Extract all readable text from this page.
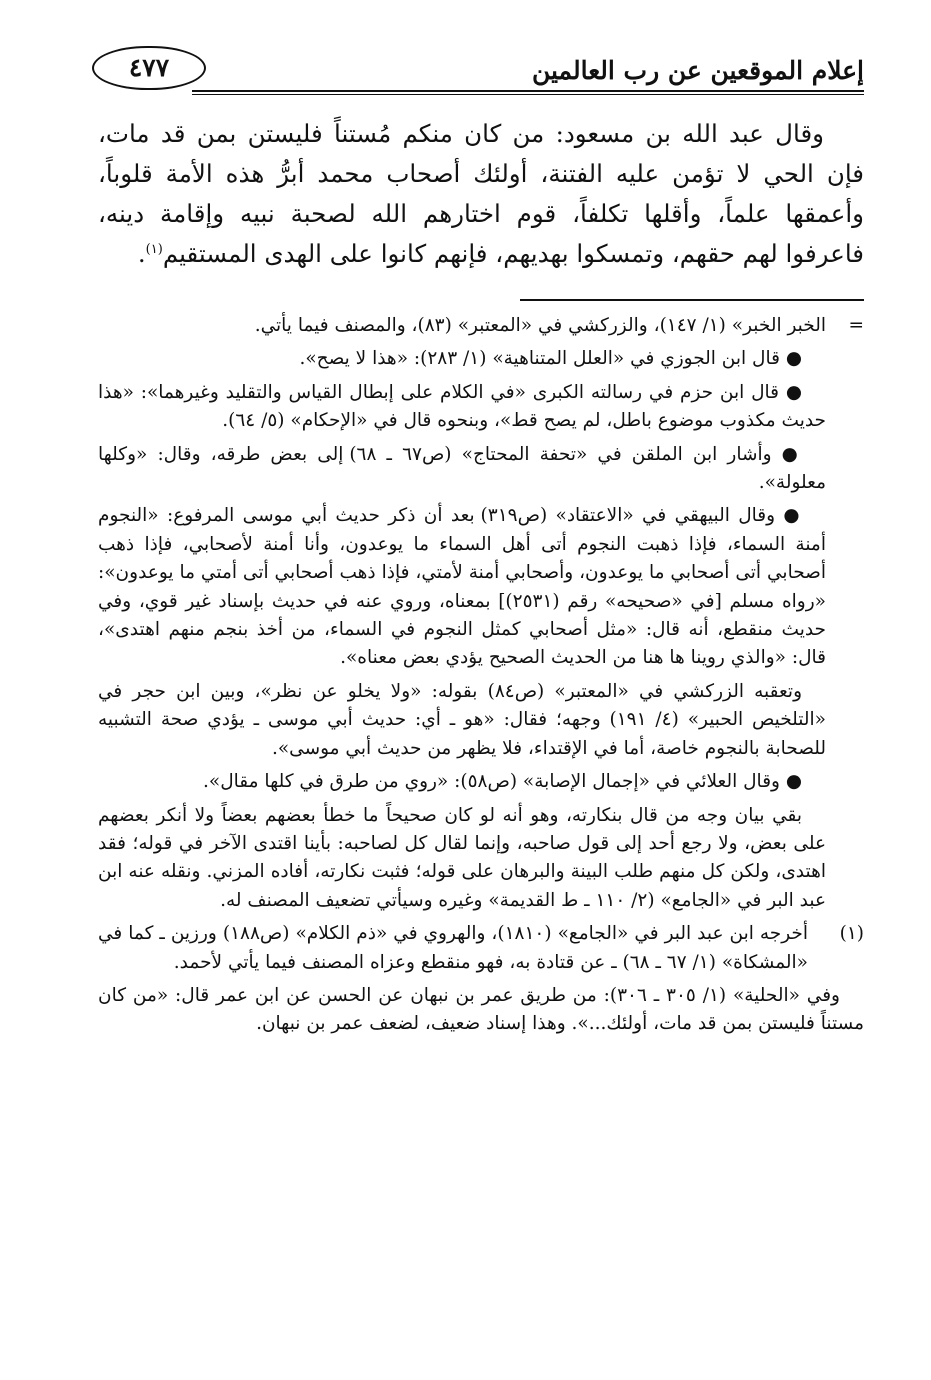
إعلام الموقعين عن رب العالمين
٤٧٧

وقال عبد الله بن مسعود: من كان منكم مُستناً فليستن بمن قد مات، فإن الحي لا تؤمن عليه الفتنة، أولئك أصحاب محمد أبرُّ هذه الأمة قلوباً، وأعمقها علماً، وأقلها تكلفاً، قوم اختارهم الله لصحبة نبيه وإقامة دينه، فاعرفوا لهم حقهم، وتمسكوا بهديهم، فإنهم كانوا على الهدى المستقيم$^{(١)}$.

=
الخبر الخبر» (١/ ١٤٧)، والزركشي في «المعتبر» (٨٣)، والمصنف فيما يأتي.

● قال ابن الجوزي في «العلل المتناهية» (١/ ٢٨٣): «هذا لا يصح».

● قال ابن حزم في رسالته الكبرى «في الكلام على إبطال القياس والتقليد وغيرهما»: «هذا حديث مكذوب موضوع باطل، لم يصح قط»، وبنحوه قال في «الإحكام» (٥/ ٦٤).

● وأشار ابن الملقن في «تحفة المحتاج» (ص٦٧ ـ ٦٨) إلى بعض طرقه، وقال: «وكلها معلولة».

● وقال البيهقي في «الاعتقاد» (ص٣١٩) بعد أن ذكر حديث أبي موسى المرفوع: «النجوم أمنة السماء، فإذا ذهبت النجوم أتى أهل السماء ما يوعدون، وأنا أمنة لأصحابي، فإذا ذهب أصحابي أتى أصحابي ما يوعدون، وأصحابي أمنة لأمتي، فإذا ذهب أصحابي أتى أمتي ما يوعدون»: «رواه مسلم [في «صحيحه» رقم (٢٥٣١)] بمعناه، وروي عنه في حديث بإسناد غير قوي، وفي حديث منقطع، أنه قال: «مثل أصحابي كمثل النجوم في السماء، من أخذ بنجم منهم اهتدى»، قال: «والذي روينا ها هنا من الحديث الصحيح يؤدي بعض معناه».

وتعقبه الزركشي في «المعتبر» (ص٨٤) بقوله: «ولا يخلو عن نظر»، وبين ابن حجر في «التلخيص الحبير» (٤/ ١٩١) وجهه؛ فقال: «هو ـ أي: حديث أبي موسى ـ يؤدي صحة التشبيه للصحابة بالنجوم خاصة، أما في الإقتداء، فلا يظهر من حديث أبي موسى».

● وقال العلائي في «إجمال الإصابة» (ص٥٨): «روي من طرق في كلها مقال».

بقي بيان وجه من قال بنكارته، وهو أنه لو كان صحيحاً ما خطأ بعضهم بعضاً ولا أنكر بعضهم على بعض، ولا رجع أحد إلى قول صاحبه، وإنما لقال كل لصاحبه: بأينا اقتدى الآخر في قوله؛ فقد اهتدى، ولكن كل منهم طلب البينة والبرهان على قوله؛ فثبت نكارته، أفاده المزني. ونقله عنه ابن عبد البر في «الجامع» (٢/ ١١٠ ـ ط القديمة» وغيره وسيأتي تضعيف المصنف له.

(١)
أخرجه ابن عبد البر في «الجامع» (١٨١٠)، والهروي في «ذم الكلام» (ص١٨٨) ورزين ـ كما في «المشكاة» (١/ ٦٧ ـ ٦٨) ـ عن قتادة به، فهو منقطع وعزاه المصنف فيما يأتي لأحمد.

وفي «الحلية» (١/ ٣٠٥ ـ ٣٠٦): من طريق عمر بن نبهان عن الحسن عن ابن عمر قال: «من كان مستناً فليستن بمن قد مات، أولئك...». وهذا إسناد ضعيف، لضعف عمر بن نبهان.
